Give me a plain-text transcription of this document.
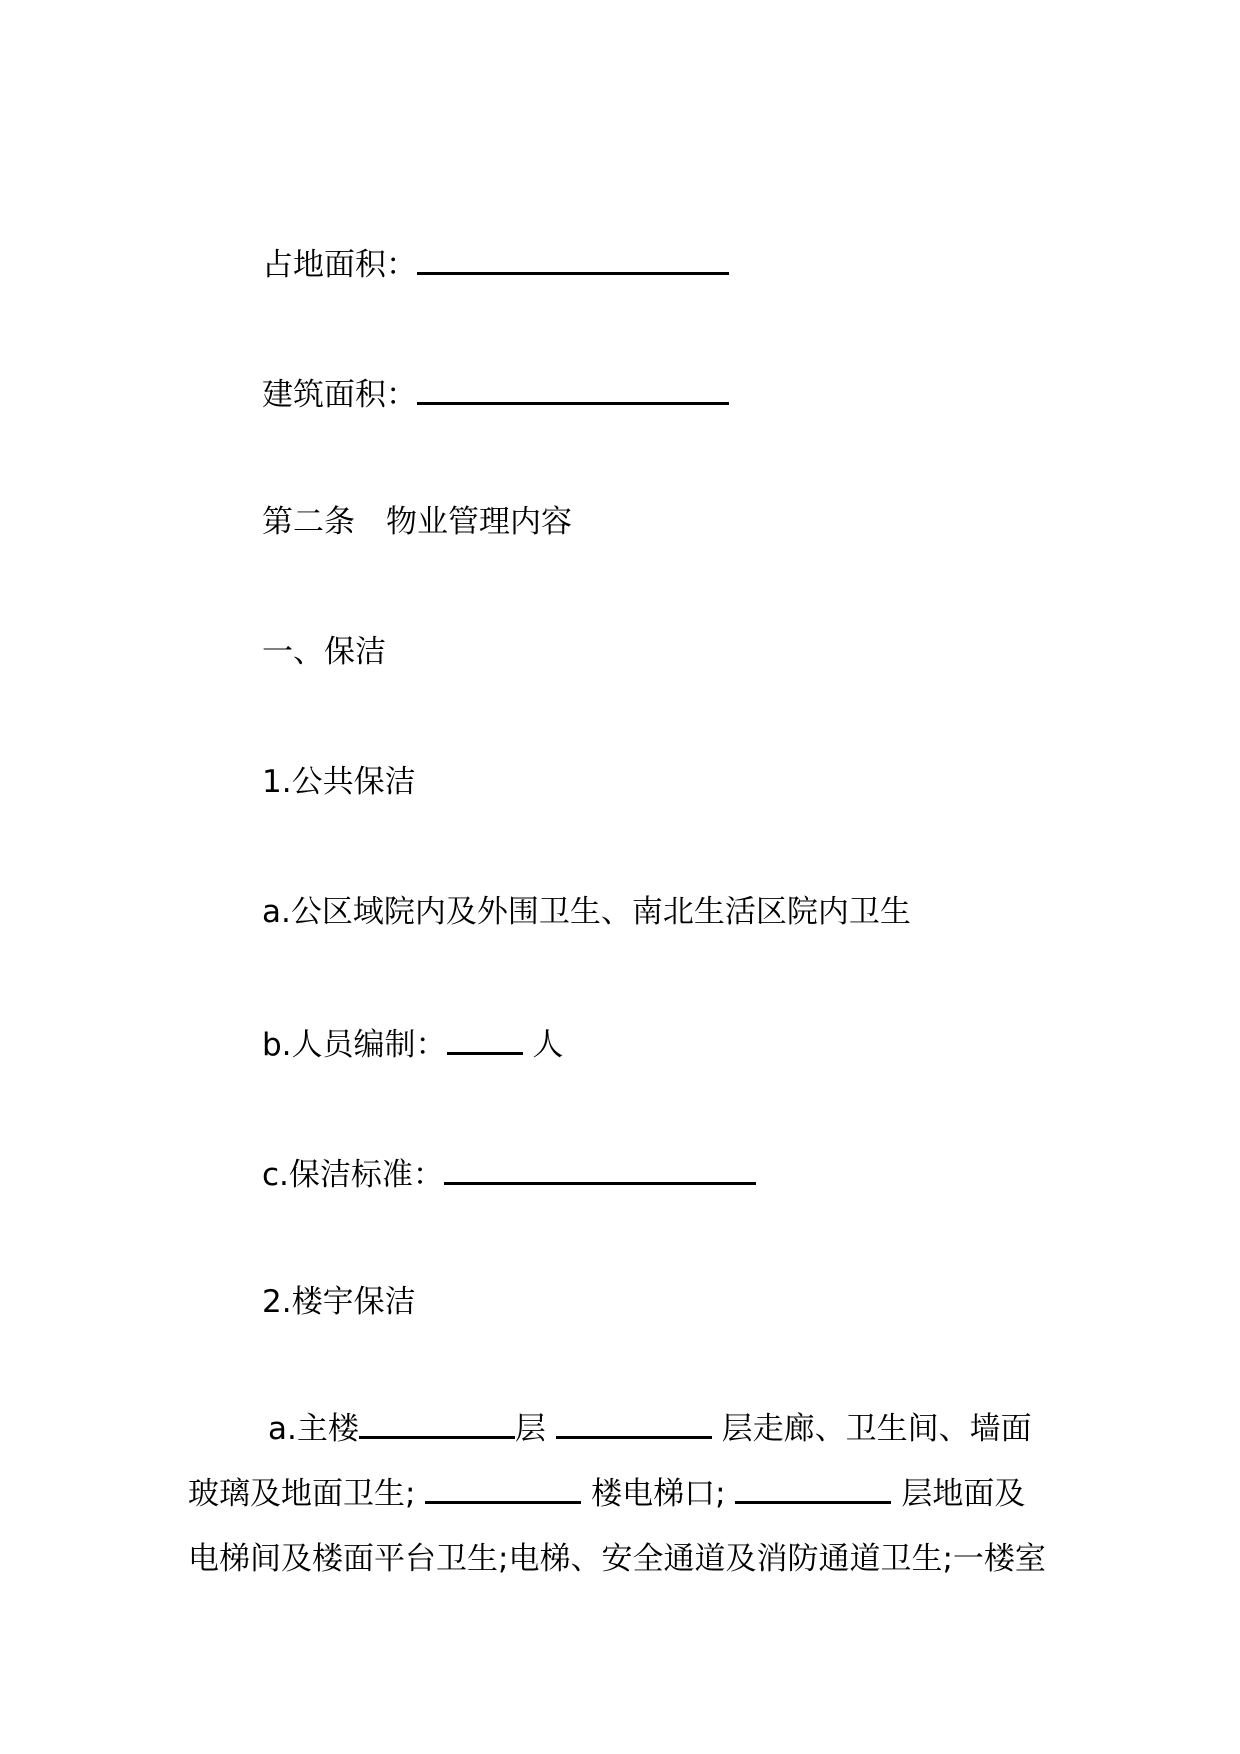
占地面积：
建筑面积：
第二条　物业管理内容
一、保洁
1.公共保洁
a.公区域院内及外围卫生、南北生活区院内卫生
b.人员编制：	人
c.保洁标准：
2.楼宇保洁
a.主楼	层	层走廊、卫生间、墙面
玻璃及地面卫生;	楼电梯口;	层地面及
电梯间及楼面平台卫生;电梯、安全通道及消防通道卫生;一楼室
